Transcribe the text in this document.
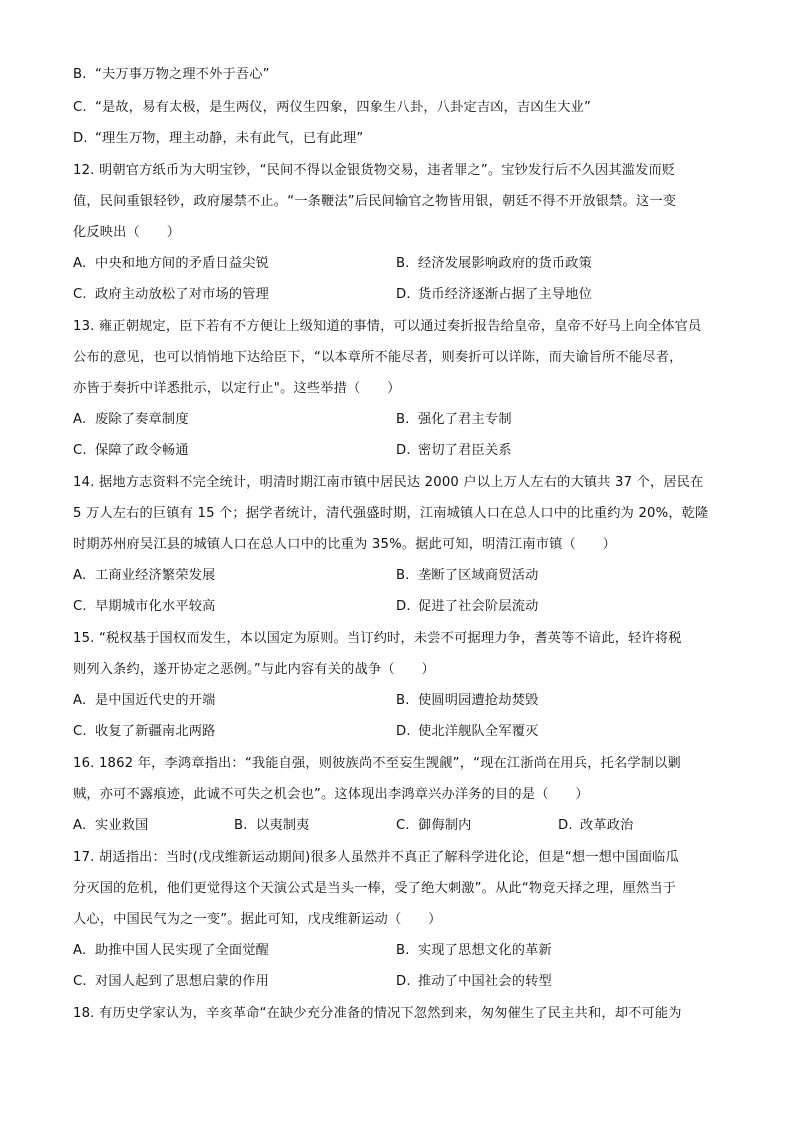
B. “夫万事万物之理不外于吾心”
C. “是故，易有太极，是生两仪，两仪生四象，四象生八卦，八卦定吉凶，吉凶生大业”
D. “理生万物，理主动静，未有此气，已有此理”
12. 明朝官方纸币为大明宝钞，“民间不得以金银货物交易，违者罪之”。宝钞发行后不久因其滥发而贬
值，民间重银轻钞，政府屡禁不止。“一条鞭法”后民间输官之物皆用银，朝廷不得不开放银禁。这一变
化反映出（　　）
A. 中央和地方间的矛盾日益尖锐	B. 经济发展影响政府的货币政策
C. 政府主动放松了对市场的管理	D. 货币经济逐渐占据了主导地位
13. 雍正朝规定，臣下若有不方便让上级知道的事情，可以通过奏折报告给皇帝，皇帝不好马上向全体官员
公布的意见，也可以悄悄地下达给臣下，“以本章所不能尽者，则奏折可以详陈，而夫谕旨所不能尽者，
亦皆于奏折中详悉批示，以定行止"。这些举措（　　）
A. 废除了奏章制度	B. 强化了君主专制
C. 保障了政令畅通	D. 密切了君臣关系
14. 据地方志资料不完全统计，明清时期江南市镇中居民达 2000 户以上万人左右的大镇共 37 个，居民在
5 万人左右的巨镇有 15 个；据学者统计，清代强盛时期，江南城镇人口在总人口中的比重约为 20%，乾隆
时期苏州府吴江县的城镇人口在总人口中的比重为 35%。据此可知，明清江南市镇（　　）
A. 工商业经济繁荣发展	B. 垄断了区域商贸活动
C. 早期城市化水平较高	D. 促进了社会阶层流动
15. “税权基于国权而发生，本以国定为原则。当订约时，未尝不可据理力争，耆英等不谙此，轻许将税
则列入条约，遂开协定之恶例。”与此内容有关的战争（　　）
A. 是中国近代史的开端	B. 使圆明园遭抢劫焚毁
C. 收复了新疆南北两路	D. 使北洋舰队全军覆灭
16. 1862 年，李鸿章指出：“我能自强，则彼族尚不至妄生觊觎”，“现在江浙尚在用兵，托名学制以剿
贼，亦可不露痕迹，此诚不可失之机会也”。这体现出李鸿章兴办洋务的目的是（　　）
A. 实业救国	B. 以夷制夷	C. 御侮制内	D. 改革政治
17. 胡适指出：当时(戊戌维新运动期间)很多人虽然并不真正了解科学进化论，但是“想一想中国面临瓜
分灭国的危机，他们更觉得这个天演公式是当头一棒，受了绝大刺激”。从此“物竞天择之理，厘然当于
人心，中国民气为之一变”。据此可知，戊戌维新运动（　　）
A. 助推中国人民实现了全面觉醒	B. 实现了思想文化的革新
C. 对国人起到了思想启蒙的作用	D. 推动了中国社会的转型
18. 有历史学家认为，辛亥革命“在缺少充分准备的情况下忽然到来，匆匆催生了民主共和，却不可能为
